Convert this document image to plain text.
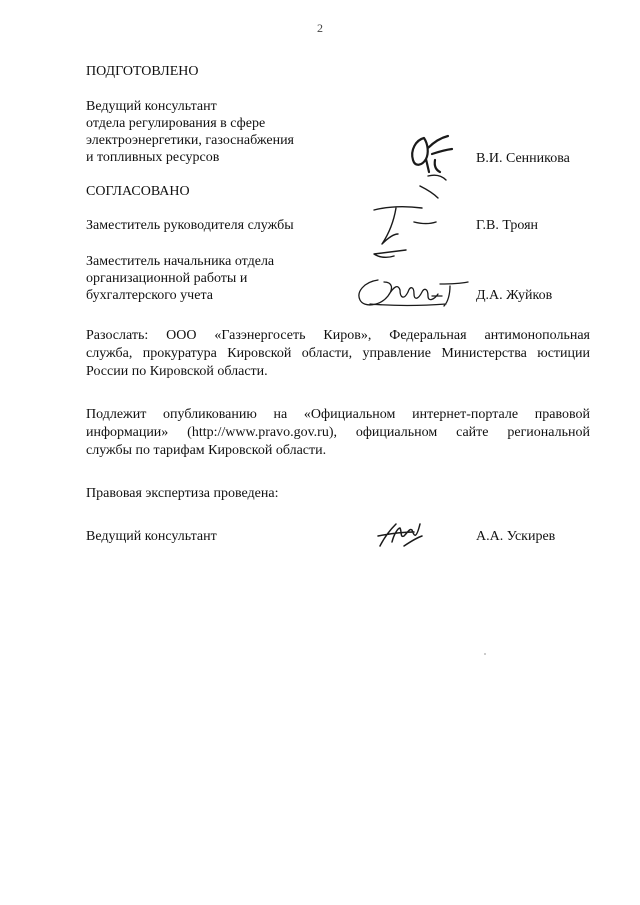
2
ПОДГОТОВЛЕНО
Ведущий консультант
отдела регулирования в сфере
электроэнергетики, газоснабжения
и топливных ресурсов	В.И. Сенникова
СОГЛАСОВАНО
Заместитель руководителя службы	Г.В. Троян
Заместитель начальника отдела
организационной работы и
бухгалтерского учета	Д.А. Жуйков
Разослать: ООО «Газэнергосеть Киров», Федеральная антимонопольная
служба, прокуратура Кировской области, управление Министерства юстиции
России по Кировской области.
Подлежит опубликованию на «Официальном интернет-портале правовой
информации» (http://www.pravo.gov.ru), официальном сайте региональной
службы по тарифам Кировской области.
Правовая экспертиза проведена:
Ведущий консультант	А.А. Ускирев
